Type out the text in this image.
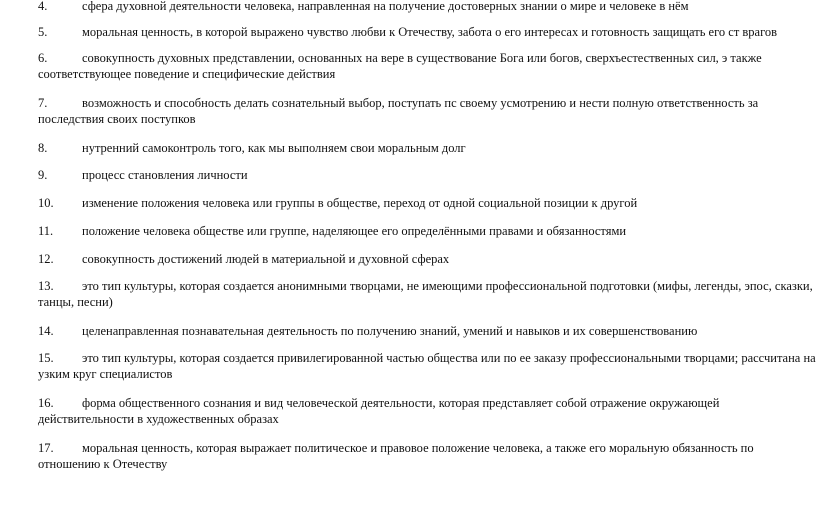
4.	сфера духовной деятельности человека, направленная на получение достоверных знании о мире и человеке в нём
5.	моральная ценность, в которой выражено чувство любви к Отечеству, забота о его интересах и готовность защищать его ст врагов
6.	совокупность духовных представлении, основанных на вере в существование Бога или богов, сверхъестественных сил, э также соответствующее поведение и специфические действия
7.	возможность и способность делать сознательный выбор, поступать пс своему усмотрению и нести полную ответственность за последствия своих поступков
8.	нутренний самоконтроль того, как мы выполняем свои моральным долг
9.	процесс становления личности
10. изменение положения человека или группы в обществе, переход от одной социальной позиции к другой
11. положение человека обществе или группе, наделяющее его определёнными правами и обязанностями
12. совокупность достижений людей в материальной и духовной сферах
13. это тип культуры, которая создается анонимными творцами, не имеющими профессиональной подготовки (мифы, легенды, эпос, сказки, танцы, песни)
14. целенаправленная познавательная деятельность по получению знаний, умений и навыков и их совершенствованию
15. это тип культуры, которая создается привилегированной частью общества или по ее заказу профессиональными творцами; рассчитана на узким круг специалистов
16. форма общественного сознания и вид человеческой деятельности, которая представляет собой отражение окружающей действительности в художественных образах
17. моральная ценность, которая выражает политическое и правовое положение человека, а также его моральную обязанность по отношению к Отечеству
